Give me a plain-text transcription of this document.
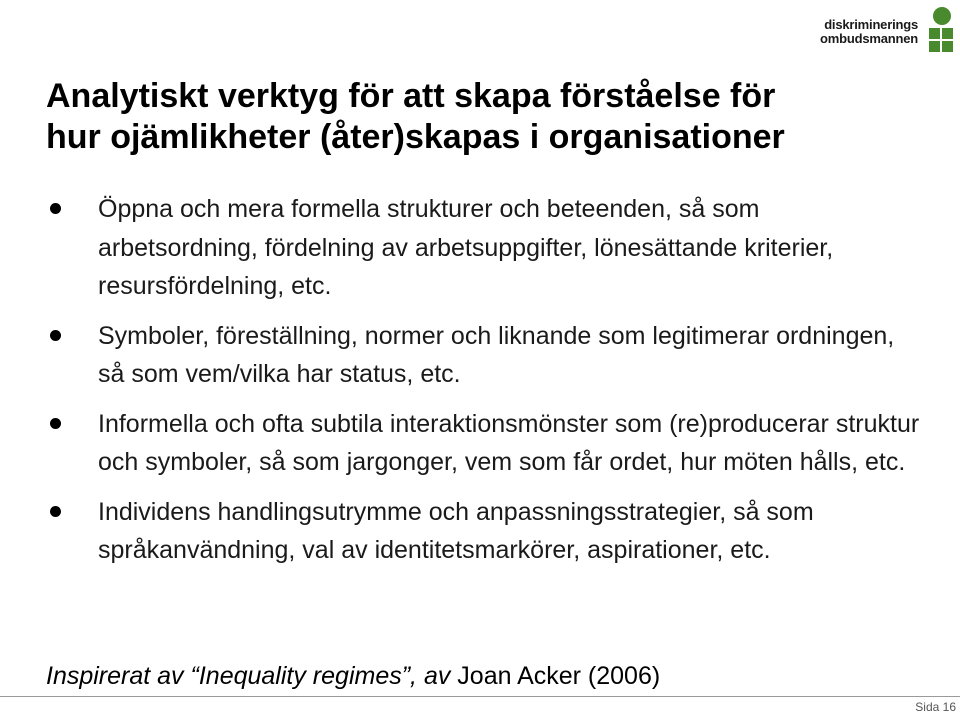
diskriminerings
ombudsmannen
Analytiskt verktyg för att skapa förståelse för
hur ojämlikheter (åter)skapas i organisationer
Öppna och mera formella strukturer och beteenden, så som arbetsordning, fördelning av arbetsuppgifter, lönesättande kriterier, resursfördelning, etc.
Symboler, föreställning, normer och liknande som legitimerar ordningen, så som vem/vilka har status, etc.
Informella och ofta subtila interaktionsmönster som (re)producerar struktur och symboler, så som jargonger, vem som får ordet, hur möten hålls, etc.
Individens handlingsutrymme och anpassningsstrategier, så som språkanvändning, val av identitetsmarkörer, aspirationer, etc.
Inspirerat av “Inequality regimes”, av Joan Acker (2006)
Sida 16
